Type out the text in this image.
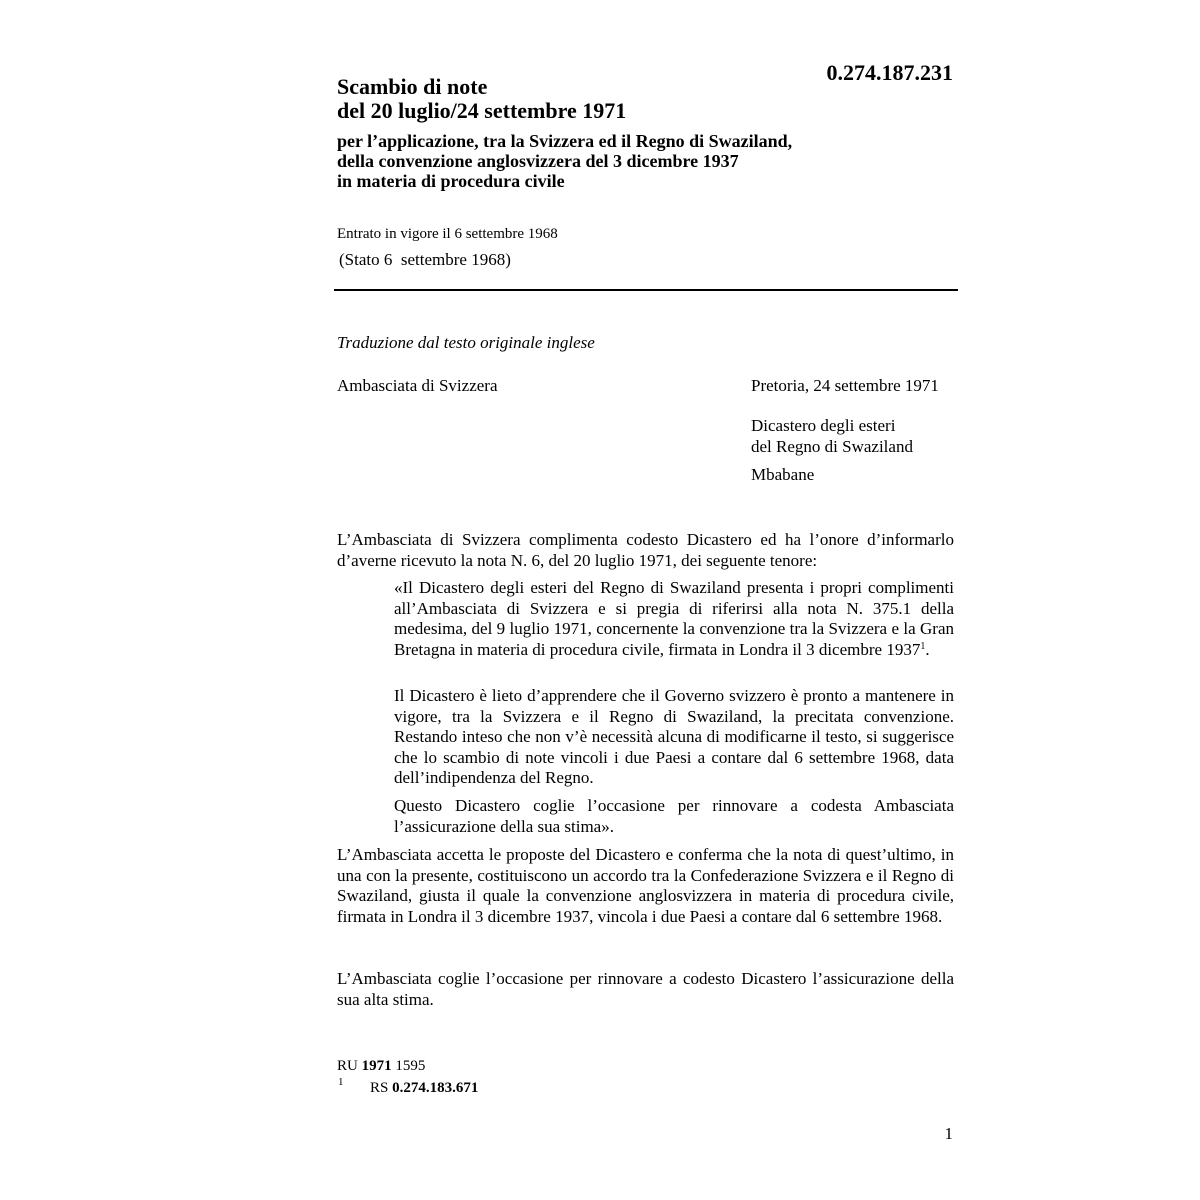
0.274.187.231
Scambio di note
del 20 luglio/24 settembre 1971
per l’applicazione, tra la Svizzera ed il Regno di Swaziland,
della convenzione anglosvizzera del 3 dicembre 1937
in materia di procedura civile
Entrato in vigore il 6 settembre 1968
(Stato 6  settembre 1968)
Traduzione dal testo originale inglese
Ambasciata di Svizzera	Pretoria, 24 settembre 1971
Dicastero degli esteri
del Regno di Swaziland
Mbabane
L’Ambasciata di Svizzera complimenta codesto Dicastero ed ha l’onore d’informarlo d’averne ricevuto la nota N. 6, del 20 luglio 1971, dei seguente tenore:
«Il Dicastero degli esteri del Regno di Swaziland presenta i propri complimenti all’Ambasciata di Svizzera e si pregia di riferirsi alla nota N. 375.1 della medesima, del 9 luglio 1971, concernente la convenzione tra la Svizzera e la Gran Bretagna in materia di procedura civile, firmata in Londra il 3 dicembre 1937$^1$.
Il Dicastero è lieto d’apprendere che il Governo svizzero è pronto a mantenere in vigore, tra la Svizzera e il Regno di Swaziland, la precitata convenzione. Restando inteso che non v’è necessità alcuna di modificarne il testo, si suggerisce che lo scambio di note vincoli i due Paesi a contare dal 6 settembre 1968, data dell’indipendenza del Regno.
Questo Dicastero coglie l’occasione per rinnovare a codesta Ambasciata l’assicurazione della sua stima».
L’Ambasciata accetta le proposte del Dicastero e conferma che la nota di quest’ultimo, in una con la presente, costituiscono un accordo tra la Confederazione Svizzera e il Regno di Swaziland, giusta il quale la convenzione anglosvizzera in materia di procedura civile, firmata in Londra il 3 dicembre 1937, vincola i due Paesi a contare dal 6 settembre 1968.
L’Ambasciata coglie l’occasione per rinnovare a codesto Dicastero l’assicurazione della sua alta stima.
RU 1971 1595
1 RS 0.274.183.671
1
